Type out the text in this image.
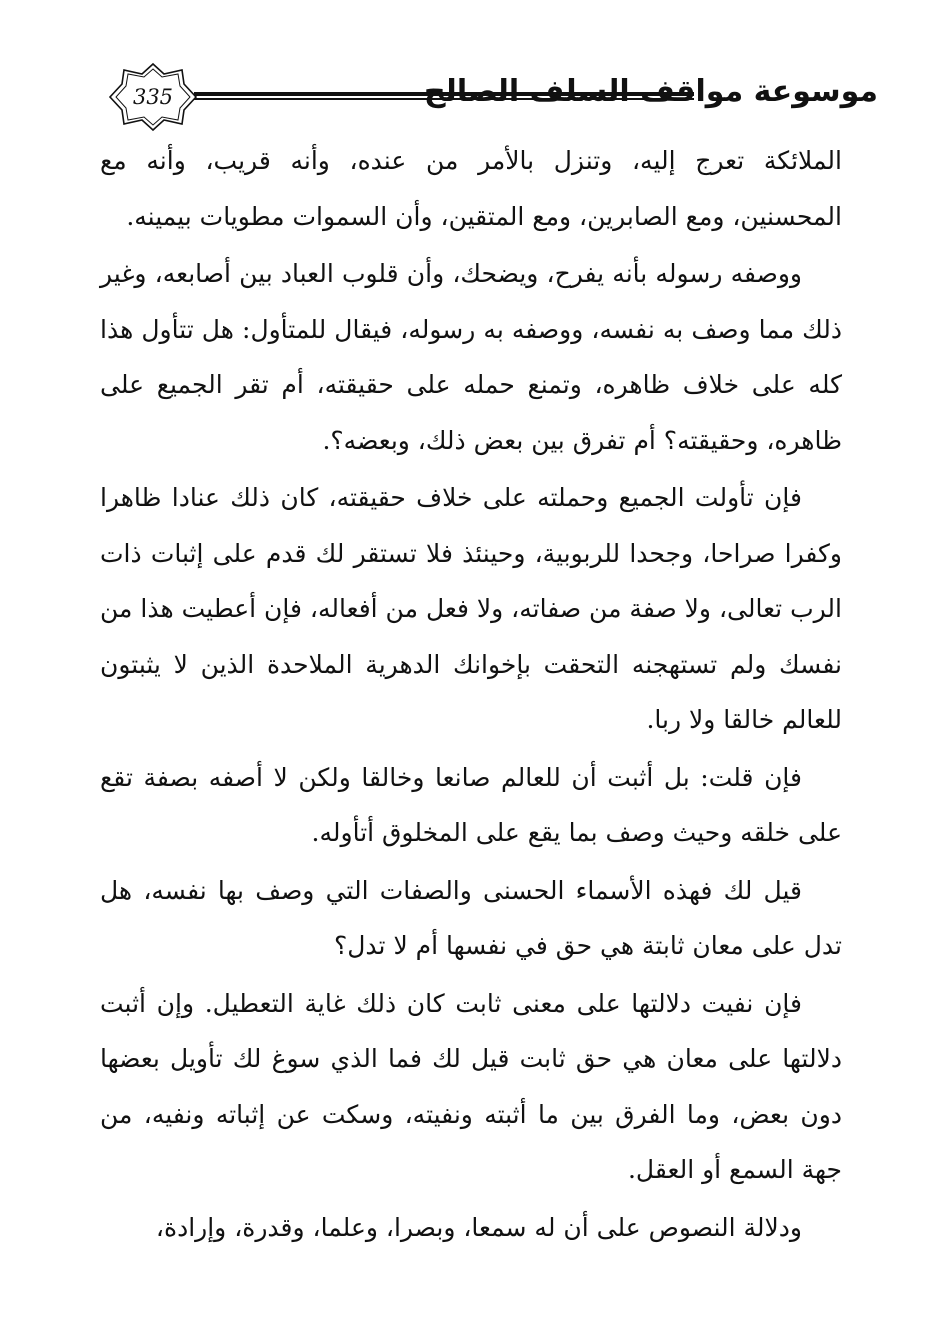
335	موسوعة مواقف السلف الصالح

الملائكة تعرج إليه، وتنزل بالأمر من عنده، وأنه قريب، وأنه مع المحسنين، ومع الصابرين، ومع المتقين، وأن السموات مطويات بيمينه.

ووصفه رسوله بأنه يفرح، ويضحك، وأن قلوب العباد بين أصابعه، وغير ذلك مما وصف به نفسه، ووصفه به رسوله، فيقال للمتأول: هل تتأول هذا كله على خلاف ظاهره، وتمنع حمله على حقيقته، أم تقر الجميع على ظاهره، وحقيقته؟ أم تفرق بين بعض ذلك، وبعضه؟.

فإن تأولت الجميع وحملته على خلاف حقيقته، كان ذلك عنادا ظاهرا وكفرا صراحا، وجحدا للربوبية، وحينئذ فلا تستقر لك قدم على إثبات ذات الرب تعالى، ولا صفة من صفاته، ولا فعل من أفعاله، فإن أعطيت هذا من نفسك ولم تستهجنه التحقت بإخوانك الدهرية الملاحدة الذين لا يثبتون للعالم خالقا ولا ربا.

فإن قلت: بل أثبت أن للعالم صانعا وخالقا ولكن لا أصفه بصفة تقع على خلقه وحيث وصف بما يقع على المخلوق أتأوله.

قيل لك فهذه الأسماء الحسنى والصفات التي وصف بها نفسه، هل تدل على معان ثابتة هي حق في نفسها أم لا تدل؟

فإن نفيت دلالتها على معنى ثابت كان ذلك غاية التعطيل. وإن أثبت دلالتها على معان هي حق ثابت قيل لك فما الذي سوغ لك تأويل بعضها دون بعض، وما الفرق بين ما أثبته ونفيته، وسكت عن إثباته ونفيه، من جهة السمع أو العقل.

ودلالة النصوص على أن له سمعا، وبصرا، وعلما، وقدرة، وإرادة،
